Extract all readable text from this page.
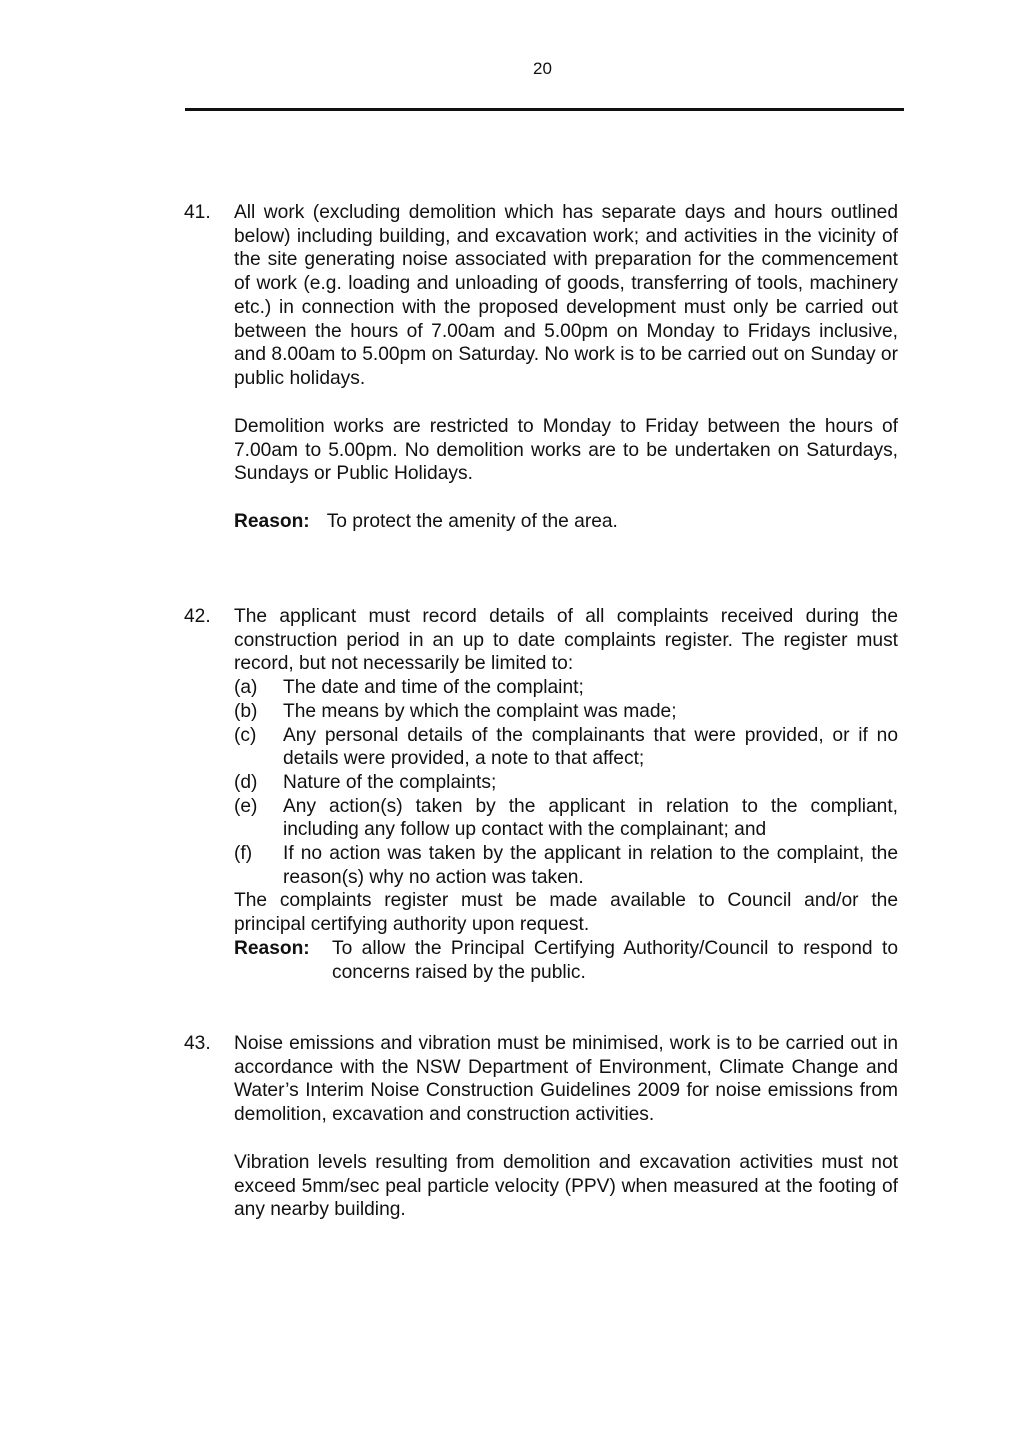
20
41. All work (excluding demolition which has separate days and hours outlined below) including building, and excavation work; and activities in the vicinity of the site generating noise associated with preparation for the commencement of work (e.g. loading and unloading of goods, transferring of tools, machinery etc.) in connection with the proposed development must only be carried out between the hours of 7.00am and 5.00pm on Monday to Fridays inclusive, and 8.00am to 5.00pm on Saturday. No work is to be carried out on Sunday or public holidays.
Demolition works are restricted to Monday to Friday between the hours of 7.00am to 5.00pm. No demolition works are to be undertaken on Saturdays, Sundays or Public Holidays.
Reason: To protect the amenity of the area.
42. The applicant must record details of all complaints received during the construction period in an up to date complaints register. The register must record, but not necessarily be limited to:
(a) The date and time of the complaint;
(b) The means by which the complaint was made;
(c) Any personal details of the complainants that were provided, or if no details were provided, a note to that affect;
(d) Nature of the complaints;
(e) Any action(s) taken by the applicant in relation to the compliant, including any follow up contact with the complainant; and
(f) If no action was taken by the applicant in relation to the complaint, the reason(s) why no action was taken.
The complaints register must be made available to Council and/or the principal certifying authority upon request.
Reason: To allow the Principal Certifying Authority/Council to respond to concerns raised by the public.
43. Noise emissions and vibration must be minimised, work is to be carried out in accordance with the NSW Department of Environment, Climate Change and Water’s Interim Noise Construction Guidelines 2009 for noise emissions from demolition, excavation and construction activities.
Vibration levels resulting from demolition and excavation activities must not exceed 5mm/sec peal particle velocity (PPV) when measured at the footing of any nearby building.
